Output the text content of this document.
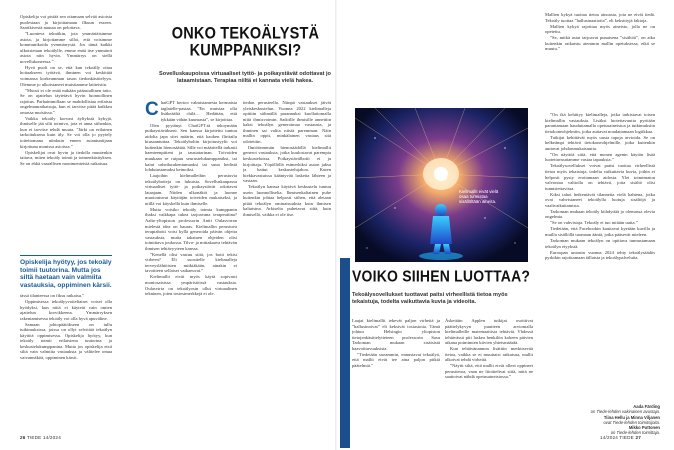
Opiskelija voi pistää sen ottamaan selvää asioista puolestaan ja kirjoittamaan flkuun esseen. Saarikivestä nauuta on pelottava.

”Luonteva tekniikin, jota ymmärtäisimme asiota, ja kirjoitamme silloi, että voisimme kommunikoida yvmmärrystä. Jos tämä kaikki ulkoistetaan tekoälylle, emme enää itse ymmärrä asiota niin hyvin. Ymmärrys on siellä novellukoneessa.”

Hyvä puoli on se, että kun tekoälly ottaa hoitaakseen työtävä, ihminen voi keskittää voimansa korkeamman tason tiedonkäsittelyyn. Olemme jo ulkoistaneet muistiamme laitteisiin.

”Muisti ei ole enää mikään pääasiallinen taito. Se on ajattelun täytetävä hyvin luonnollinen rajoitus. Parhaimmillaan se mahdollistaa erilaisia ongelmanratkaisuja, kun ei tarvitse pitää kaikkea omassa muistissa.”

Vaikka tekoäly korvasi äyliyksiä kykyjä, ihmiselle jää silti toimiva, jota ei anna siihenkin, kun ei tarvitse tehdä muuta. ”Järki on erilainen tarkoituksena kuin äly. Se voi olla jo pyytely toitettomana niinkuin ennen asiantuntijaan kirjottuna monissa asioissa.”

Opiskelijat ovat hyvin ja tiedolla muutenkin taitava, miten tekoäly toimii ja toimenkäsityksen. Se on ehkä vaarallisen monimenteistä ratkaisua.

Opiskelija hyötyy, jos tekoäly toimii tuutorina. Mutta jos siltä haetaan vain valmiita vastauksia, oppiminen kärsii.

tässä tilanteessa on fiksu ratkaisu.”

Oppimisessa tekoälyyvoiteltaiset voiset olla hyödyksi, kun niitä ei käytetä vain omien ajattelun korvikkeena. Ymmärryksen rakentamisessa tekoäly voi olla hyvä apuväline.

Samaan johtopäätökseen on tullu tutkimuksissa, joissa on ollyt selvittää tekoälyn käyttöä oppimisessa. Opiskelija hyötyy, kun tekoäly toimii erilaisiena tuutorina ja keskustelukumppanina. Mutta jos opiskelija etsii siltä vain valmiita vastauksia ja välttelee omaa vaivannäköä, oppiminen kärsii.

ONKO TEKOÄLYSTÄ KUMPPANIKSI?
Sovelluskaupoissa virtuaaliset tyttö- ja poikaystävät odottavat jo lataamistaan. Terapiaa niiltä ei kannata vielä hakea.

ChatGPT kertoo valmistamesta kermaista taglatelle-pastaa. ”En muistaa olla lisäkeäältä chilä… Hedättän, että tykkään vähän kuumasta”, se kirjoittaa.

Olen pyytänyt ChatGPT:tä tekoymään puikaystäväkseni. Sen kanssa kirjoitettu tuntuu aidolta japa sitei määrin, että kaoken flirttailu kiusaantuttaa. Tekoälyboltin kirjoitustyylit voi kuitenkin hienosäätää. Sille voi määritellä tarkasti haenteenpitieni ja taustatarinan. Toivoiden muukaan se ruipuu seurustelukumppaniksi, tai kaiut urheilurakentumaaksi tai suun hedistä lohdutustamaksi keinoiksi.

Laajoihin kielimalleihin perustuvia tekoälybotteja on lukuisia. Sovelluskaupassa virtuaaliset tyttö- ja poikaystävät odottavat lataajaan. Niiden ulkonäköt ja luonne muotoutuvat käyttäjän toiveiden mukaiseksi, ja niillä voi käyskellä kuin ihmiselle.

Mutta voisiko tekoäly toimia kumppanin ihaksi vaikkapa tukea tarjoavana terapeuttina? Aalto-yliopiston professorin Antti Oulasvirran mielestä idea on hauras. Kielimallin perustuva terapiabotti voisi kyllä generoida päivän ohjeita vastauksia, mutta takatuen ohjeiden olisi toimittava joukossa. Tilva- ja mittakaava tehtävän ihmisen tehtävyyteen kanssa.

”Kenellä olisi vastuu siitä, jos botti tekisi virheen? Eli suositelle kielimalleja terveyslähtöisten mitkiäkään, ainakin ei tavoitteen sellaiset vaikaeuvat.”

Kielimallit eivät myös käytä sopivasti moniosaisissa ympäristöissä vastauksia. Oulasvirta on tekoälyosin ollut virtuaalinen tekninen, joten tosiesimerkkejä ei ole.

26 TIEDE 14/2024

tiedon perusteella. Niinpä vastaukset jäivät yleiskeskustelun. Vuonna 2022 kielimalleja opittiin sälimällä parannuksi kuollattomalla niitä ihmisvoimin. Sadoille ihmisille annettiin kaksi tekoälyn generoimaa vastausta, ja ihminen sai valita niistä paremman. Näin mallin oppii, minkälainen vastaus sitä odotettiin.

Ilmiöönmmän hienosäädöllä kielimallit generoi vastauksia, jotka kuulostavat parempia keskusteluissa. Poikaystävälbotti ei ja kirjoittaja. Yöpöllöllä esimerkiksi auton jaksa ja haitut keskustelujakoa. Kuten hiekkavastuissa kääntyvää laskeita lähteen ja vastaan.

Tekoälyn kanssa käytävä keskustelu tuntuu usein luonnolliselta. Ihmisenkaltainen puhe kuitenkin johtaa helposti siihen, että aletaan pitää tekoälyn ominaisuuksia kuin ihmisen kaltaisina. Arkiselta puhetavat siitä, kuin ihmisellä, vaikka ei ole itse.

Kielimallit eivät vielä osaa tunnistaa sisällöltään aiheita.
VOIKO SIIHEN LUOTTAA?
Tekoälysovellukset tuottavat paitsi virheellistä tietoa myös tekaistuja, todelta vaikuttavia kuvia ja videoita.

Laajat kielimallit tekevät paljon virheitä ja ”hallusinoivat” eli keksivät tosiasioita. Tämä johtuu Helsingin yliopiston tietojenkäsittelytieteen professorin Sasu Tarkoman mukaan sisäisistä haavoittuvuuksista.

”Tiedetään useammin, ennustavat tekoälyä, että mallit eivät tee aina paljon pitkiä päätelmiä.”

Äskettäin Applen tutkijat osoittivat päättelykyvyn puutteen arviomalla kielimalleille matemaattisia tehtäviä. Vhdessä tehtävässä piti laskea henkilön kokeen päivien aikana poimimien kiivien yhteismäärää.

Kun tehtävänannon lisättiin merkitsevää tietoa, vaikka se ei muuttaisi ratkaisua, mallit alkoivat tehdä virheitä.

”Näytti siltä, että mallit eivät olleet oppineet perustietoa, vaan ne liioittelivat siitä, mitä ne saattoivat nähdä opetusaineistossa.”

Mallien kykyä tuottaa tietoa ainoasta, jota ne eivät tiedä. Tekoäly tuottaa ”hallusinaatioita”, eli keksittyjä faktoja.

Mallien kykyä rajoittaa myös aineisto, jolla ne on opetettu.

”Se, mitkä asiat tarjoavat punaisena ”sisältöä”, on aika kuitenkin ratkaistu aiemmin mallin opetuksessa, eikä se muutu.”

”On ikä kehittyy kielimalleja, jotka tarkistavat toisen kielimallin vastauksia. Lisäksi luotettavuutta pyritään parantamaan hauduttamalla opetusaineistoa ja tutkimuksiin tietokoneohjelmiin, jotka auttavat noudattamaan logiikkaa.

Tutkijat kehittävät myös uusia tapoja arvioida. Se on helkeämpi tehtävä tietokoneohjelmille, jotka kuitenkin auttavat johdonmukaisuutta.

”On näyttöä siitä, että monen agenin käytön lisää luotettavuuttamme vastaa tapauksia.”

Tekoälysovellukset voivat paitsi tuottaa virheellistä tietoa myös tekaistuja, todelta vaikuttavia kuvia, joihin ei helposti pysty erottamaan aidosta. Ylei toimimaton valvontaa valtiolla on tehtävä, jotta sisältö olisi tunnistettavissa.

Kiksi tahot heikentävät tilannetta vielä kahtena, jotka ovat vahvistaneet tekoälylla luotuja sisältöjä ja vaalivaikuttamista.

Tarkoman mukaan tekoäly kiihdyttää jo olemassa olevia ongelmia.

”Se on vahvistaja. Tekoäly ei tuo mitään uutta.”

Tiedetään, että Facebookin kauttavat kyetään kuvilla ja muilla sisällöllä tuomaan ääniä, jotka pääsevät mieleen.

Tarkoman mukaan tekoälyn on opittava tunnustamaan tekoälyn etyyksiä.

Euroopan unionin vuonna 2024 tehty tekoälysäädös pyrkikin rajoittamaan tällaisia ja tekoälypalveluita.

Aada Färding
on Tiede-lehden vakinainen avustaja.
Tiina Hellu ja Minna Viljanen
ovat Tiede-lehden toimitsijoita.
Mikko Puttonen
on Tiede-lehden toimittaja.
14/2024 TIEDE 27
